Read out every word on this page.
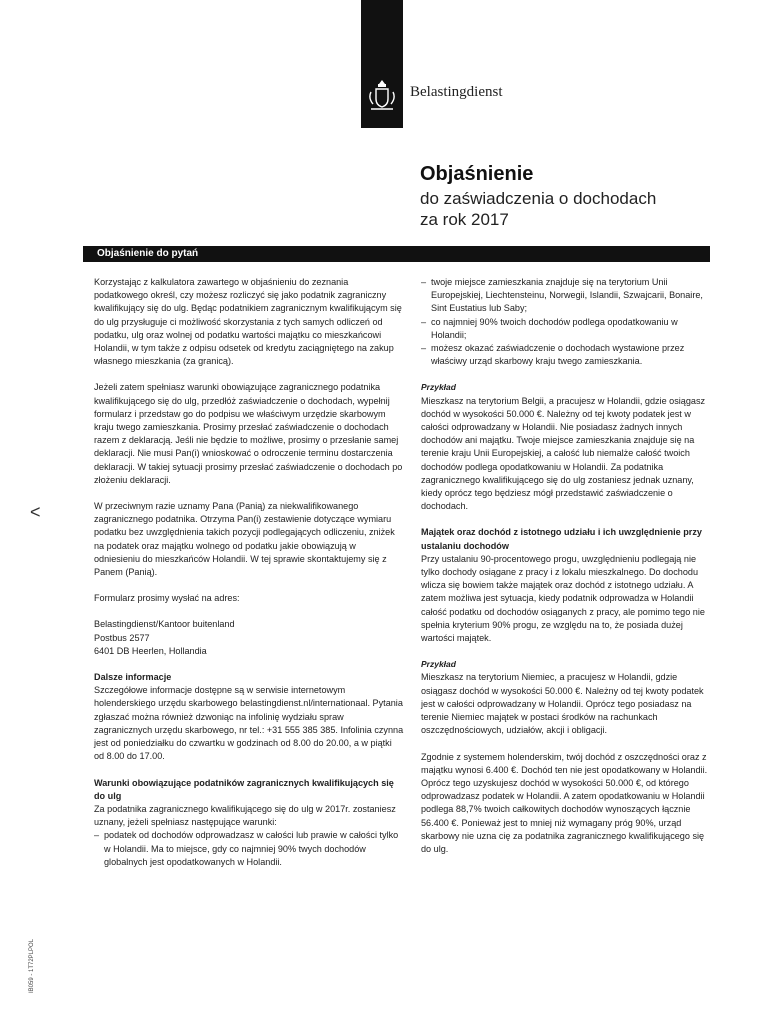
Belastingdienst
Objaśnienie
do zaświadczenia o dochodach
za rok 2017
Objaśnienie do pytań

Korzystając z kalkulatora zawartego w objaśnieniu do zeznania podatkowego określ, czy możesz rozliczyć się jako podatnik zagraniczny kwalifikujący się do ulg. Będąc podatnikiem zagranicznym kwalifikującym się do ulg przysługuje ci możliwość skorzystania z tych samych odliczeń od podatku, ulg oraz wolnej od podatku wartości majątku co mieszkańcowi Holandii, w tym także z odpisu odsetek od kredytu zaciągniętego na zakup własnego mieszkania (za granicą).

Jeżeli zatem spełniasz warunki obowiązujące zagranicznego podatnika kwalifikującego się do ulg, przedłóż zaświadczenie o dochodach, wypełnij formularz i przedstaw go do podpisu we właściwym urzędzie skarbowym kraju twego zamieszkania. Prosimy przesłać zaświadczenie o dochodach razem z deklaracją. Jeśli nie będzie to możliwe, prosimy o przesłanie samej deklaracji. Nie musi Pan(i) wnioskować o odroczenie terminu dostarczenia deklaracji. W takiej sytuacji prosimy przesłać zaświadczenie o dochodach po złożeniu deklaracji.

W przeciwnym razie uznamy Pana (Panią) za niekwalifikowanego zagranicznego podatnika. Otrzyma Pan(i) zestawienie dotyczące wymiaru podatku bez uwzględnienia takich pozycji podlegających odliczeniu, zniżek na podatek oraz majątku wolnego od podatku jakie obowiązują w odniesieniu do mieszkańców Holandii. W tej sprawie skontaktujemy się z Panem (Panią).

Formularz prosimy wysłać na adres:

Belastingdienst/Kantoor buitenland
Postbus 2577
6401 DB Heerlen, Hollandia
Dalsze informacje

Szczegółowe informacje dostępne są w serwisie internetowym holenderskiego urzędu skarbowego belastingdienst.nl/internationaal. Pytania zgłaszać można również dzwoniąc na infolinię wydziału spraw zagranicznych urzędu skarbowego, nr tel.: +31 555 385 385. Infolinia czynna jest od poniedziałku do czwartku w godzinach od 8.00 do 20.00, a w piątki od 8.00 do 17.00.

Warunki obowiązujące podatników zagranicznych kwalifikujących się do ulg
Za podatnika zagranicznego kwalifikującego się do ulg w 2017r. zostaniesz uznany, jeżeli spełniasz następujące warunki:
– podatek od dochodów odprowadzasz w całości lub prawie w całości tylko w Holandii. Ma to miejsce, gdy co najmniej 90% twych dochodów globalnych jest opodatkowanych w Holandii.
– twoje miejsce zamieszkania znajduje się na terytorium Unii Europejskiej, Liechtensteinu, Norwegii, Islandii, Szwajcarii, Bonaire, Sint Eustatius lub Saby;
– co najmniej 90% twoich dochodów podlega opodatkowaniu w Holandii;
– możesz okazać zaświadczenie o dochodach wystawione przez właściwy urząd skarbowy kraju twego zamieszkania.
Przykład

Mieszkasz na terytorium Belgii, a pracujesz w Holandii, gdzie osiągasz dochód w wysokości 50.000 €. Należny od tej kwoty podatek jest w całości odprowadzany w Holandii. Nie posiadasz żadnych innych dochodów ani majątku. Twoje miejsce zamieszkania znajduje się na terenie kraju Unii Europejskiej, a całość lub niemalże całość twoich dochodów podlega opodatkowaniu w Holandii. Za podatnika zagranicznego kwalifikującego się do ulg zostaniesz jednak uznany, kiedy oprócz tego będziesz mógł przedstawić zaświadczenie o dochodach.

Majątek oraz dochód z istotnego udziału i ich uwzględnienie przy ustalaniu dochodów

Przy ustalaniu 90-procentowego progu, uwzględnieniu podlegają nie tylko dochody osiągane z pracy i z lokalu mieszkalnego. Do dochodu wlicza się bowiem także majątek oraz dochód z istotnego udziału. A zatem możliwa jest sytuacja, kiedy podatnik odprowadza w Holandii całość podatku od dochodów osiąganych z pracy, ale pomimo tego nie spełnia kryterium 90% progu, ze względu na to, że posiada dużej wartości majątek.

Przykład

Mieszkasz na terytorium Niemiec, a pracujesz w Holandii, gdzie osiągasz dochód w wysokości 50.000 €. Należny od tej kwoty podatek jest w całości odprowadzany w Holandii. Oprócz tego posiadasz na terenie Niemiec majątek w postaci środków na rachunkach oszczędnościowych, udziałów, akcji i obligacji.

Zgodnie z systemem holenderskim, twój dochód z oszczędności oraz z majątku wynosi 6.400 €. Dochód ten nie jest opodatkowany w Holandii. Oprócz tego uzyskujesz dochód w wysokości 50.000 €, od którego odprowadzasz podatek w Holandii. A zatem opodatkowaniu w Holandii podlega 88,7% twoich całkowitych dochodów wynoszących łącznie 56.400 €. Ponieważ jest to mniej niż wymagany próg 90%, urząd skarbowy nie uzna cię za podatnika zagranicznego kwalifikującego się do ulg.

<
IB059 - 1T72PLPOL
